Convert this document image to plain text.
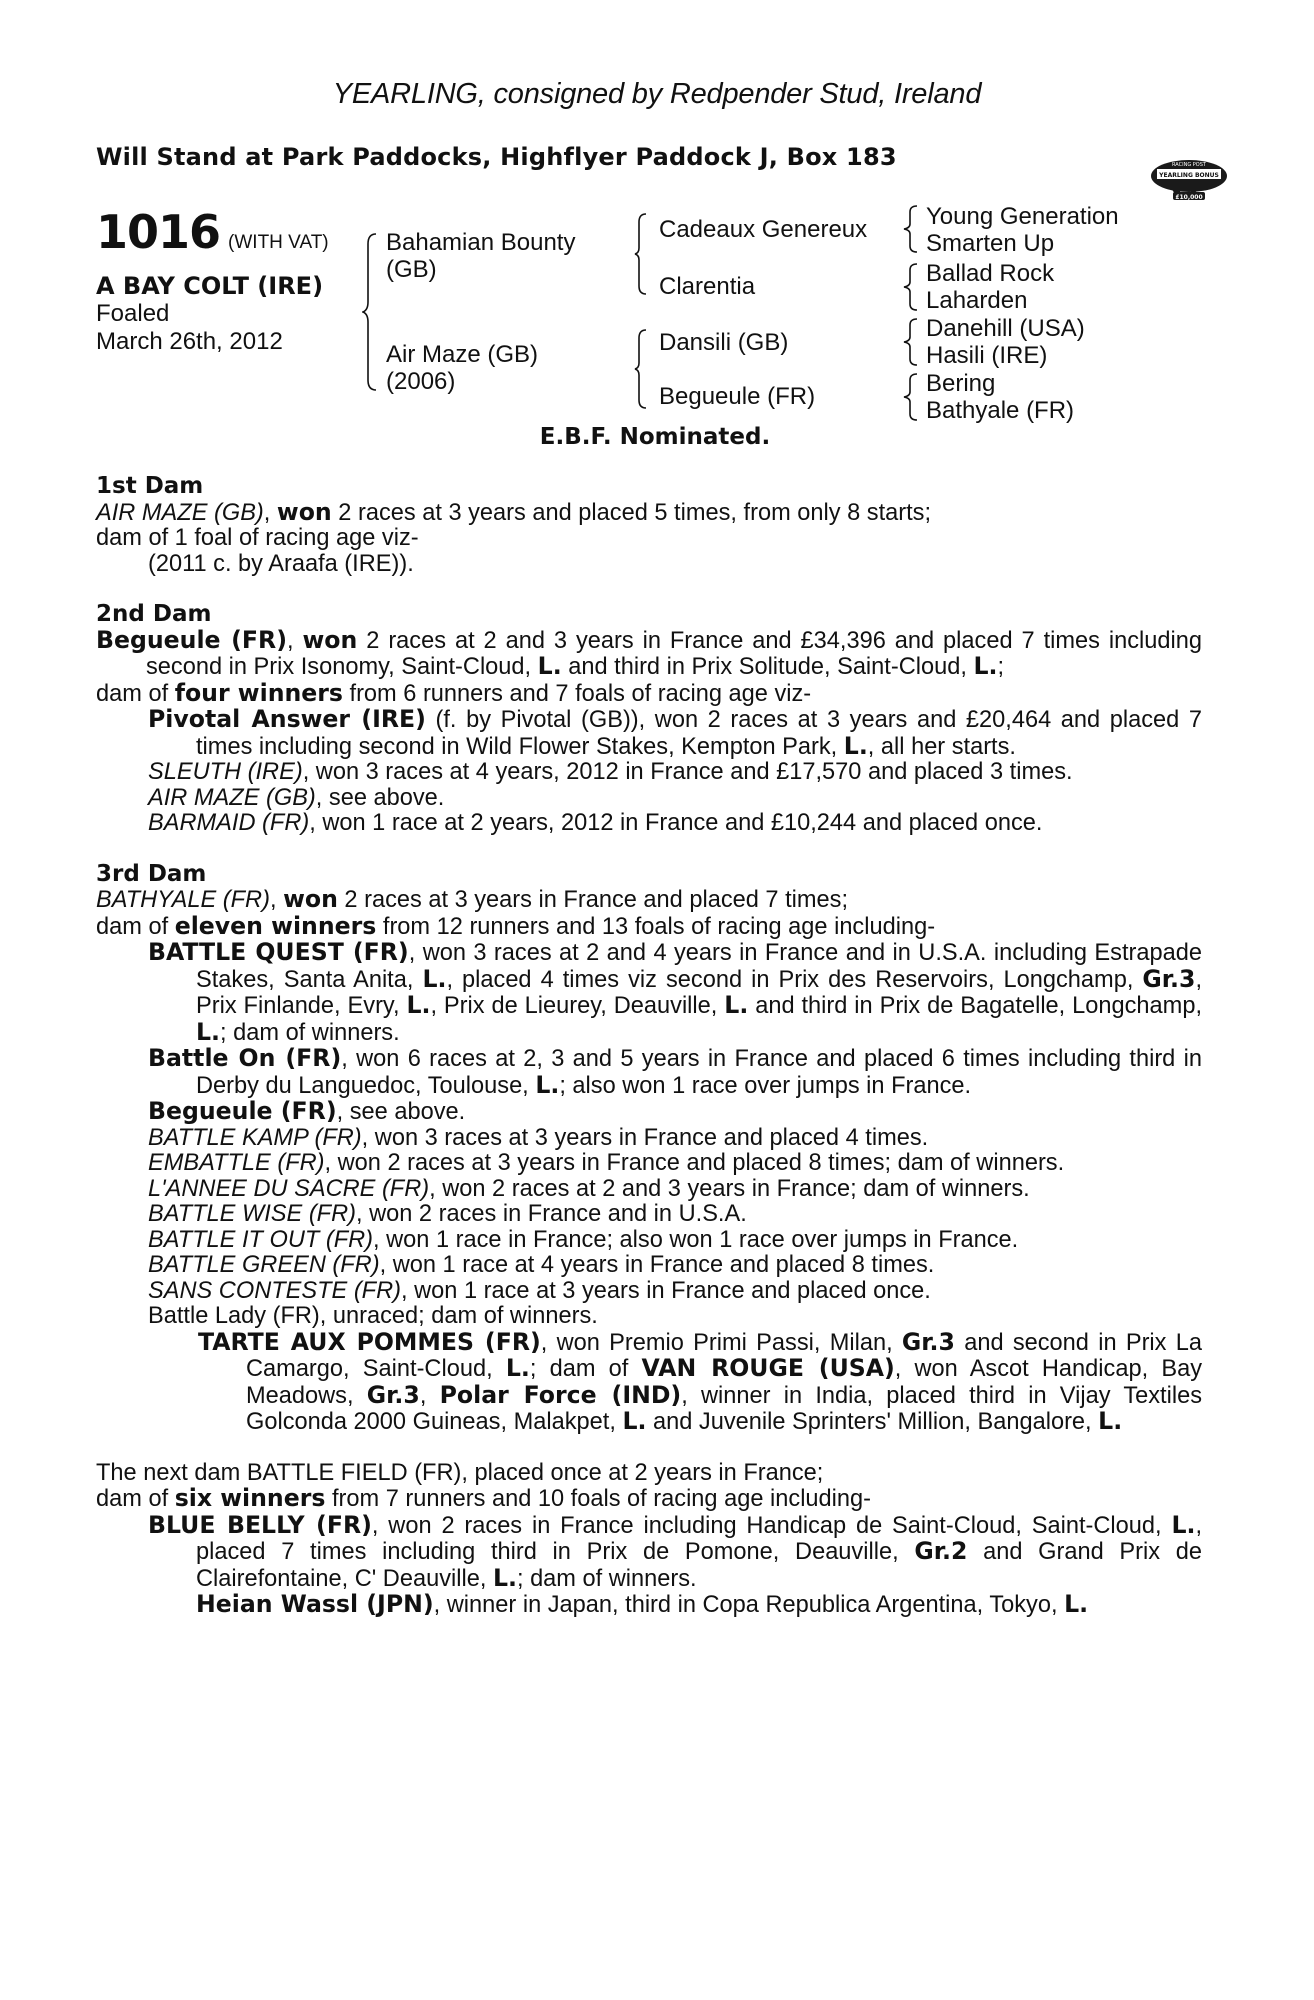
YEARLING, consigned by Redpender Stud, Ireland
Will Stand at Park Paddocks, Highflyer Paddock J, Box 183	RACING POST
YEARLING BONUS
£10,000
1016 (WITH VAT)
A BAY COLT (IRE)
Foaled
March 26th, 2012
Bahamian Bounty
(GB)
Air Maze (GB)
(2006)
Cadeaux Genereux
Clarentia
Dansili (GB)
Begueule (FR)
Young Generation
Smarten Up
Ballad Rock
Laharden
Danehill (USA)
Hasili (IRE)
Bering
Bathyale (FR)
E.B.F. Nominated.

1st Dam

AIR MAZE (GB), won 2 races at 3 years and placed 5 times, from only 8 starts;

dam of 1 foal of racing age viz-

(2011 c. by Araafa (IRE)).

2nd Dam

Begueule (FR), won 2 races at 2 and 3 years in France and £34,396 and placed 7 times including second in Prix Isonomy, Saint-Cloud, L. and third in Prix Solitude, Saint-Cloud, L.;

dam of four winners from 6 runners and 7 foals of racing age viz-

Pivotal Answer (IRE) (f. by Pivotal (GB)), won 2 races at 3 years and £20,464 and placed 7 times including second in Wild Flower Stakes, Kempton Park, L., all her starts.

SLEUTH (IRE), won 3 races at 4 years, 2012 in France and £17,570 and placed 3 times.

AIR MAZE (GB), see above.

BARMAID (FR), won 1 race at 2 years, 2012 in France and £10,244 and placed once.

3rd Dam

BATHYALE (FR), won 2 races at 3 years in France and placed 7 times;

dam of eleven winners from 12 runners and 13 foals of racing age including-

BATTLE QUEST (FR), won 3 races at 2 and 4 years in France and in U.S.A. including Estrapade Stakes, Santa Anita, L., placed 4 times viz second in Prix des Reservoirs, Longchamp, Gr.3, Prix Finlande, Evry, L., Prix de Lieurey, Deauville, L. and third in Prix de Bagatelle, Longchamp, L.; dam of winners.

Battle On (FR), won 6 races at 2, 3 and 5 years in France and placed 6 times including third in Derby du Languedoc, Toulouse, L.; also won 1 race over jumps in France.

Begueule (FR), see above.

BATTLE KAMP (FR), won 3 races at 3 years in France and placed 4 times.

EMBATTLE (FR), won 2 races at 3 years in France and placed 8 times; dam of winners.

L'ANNEE DU SACRE (FR), won 2 races at 2 and 3 years in France; dam of winners.

BATTLE WISE (FR), won 2 races in France and in U.S.A.

BATTLE IT OUT (FR), won 1 race in France; also won 1 race over jumps in France.

BATTLE GREEN (FR), won 1 race at 4 years in France and placed 8 times.

SANS CONTESTE (FR), won 1 race at 3 years in France and placed once.

Battle Lady (FR), unraced; dam of winners.

TARTE AUX POMMES (FR), won Premio Primi Passi, Milan, Gr.3 and second in Prix La Camargo, Saint-Cloud, L.; dam of VAN ROUGE (USA), won Ascot Handicap, Bay Meadows, Gr.3, Polar Force (IND), winner in India, placed third in Vijay Textiles Golconda 2000 Guineas, Malakpet, L. and Juvenile Sprinters' Million, Bangalore, L.

The next dam BATTLE FIELD (FR), placed once at 2 years in France;

dam of six winners from 7 runners and 10 foals of racing age including-

BLUE BELLY (FR), won 2 races in France including Handicap de Saint-Cloud, Saint-Cloud, L., placed 7 times including third in Prix de Pomone, Deauville, Gr.2 and Grand Prix de Clairefontaine, C' Deauville, L.; dam of winners.

Heian Wassl (JPN), winner in Japan, third in Copa Republica Argentina, Tokyo, L.
